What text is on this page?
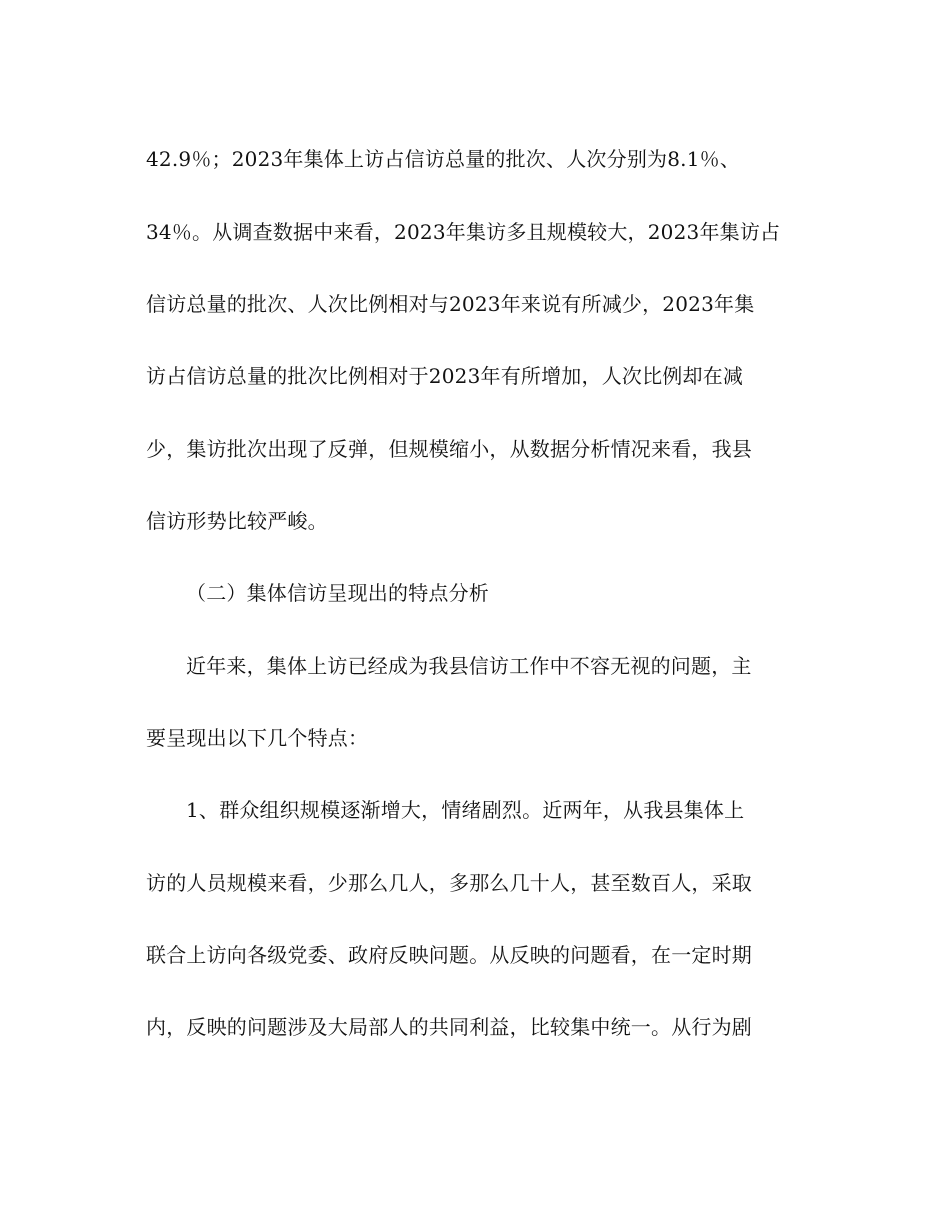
42.9％；2023年集体上访占信访总量的批次、人次分别为8.1％、
34％。从调查数据中来看，2023年集访多且规模较大，2023年集访占
信访总量的批次、人次比例相对与2023年来说有所减少，2023年集
访占信访总量的批次比例相对于2023年有所增加，人次比例却在减
少，集访批次出现了反弹，但规模缩小，从数据分析情况来看，我县
信访形势比较严峻。
（二）集体信访呈现出的特点分析
近年来，集体上访已经成为我县信访工作中不容无视的问题，主
要呈现出以下几个特点：
1、群众组织规模逐渐增大，情绪剧烈。近两年，从我县集体上
访的人员规模来看，少那么几人，多那么几十人，甚至数百人，采取
联合上访向各级党委、政府反映问题。从反映的问题看，在一定时期
内，反映的问题涉及大局部人的共同利益，比较集中统一。从行为剧
